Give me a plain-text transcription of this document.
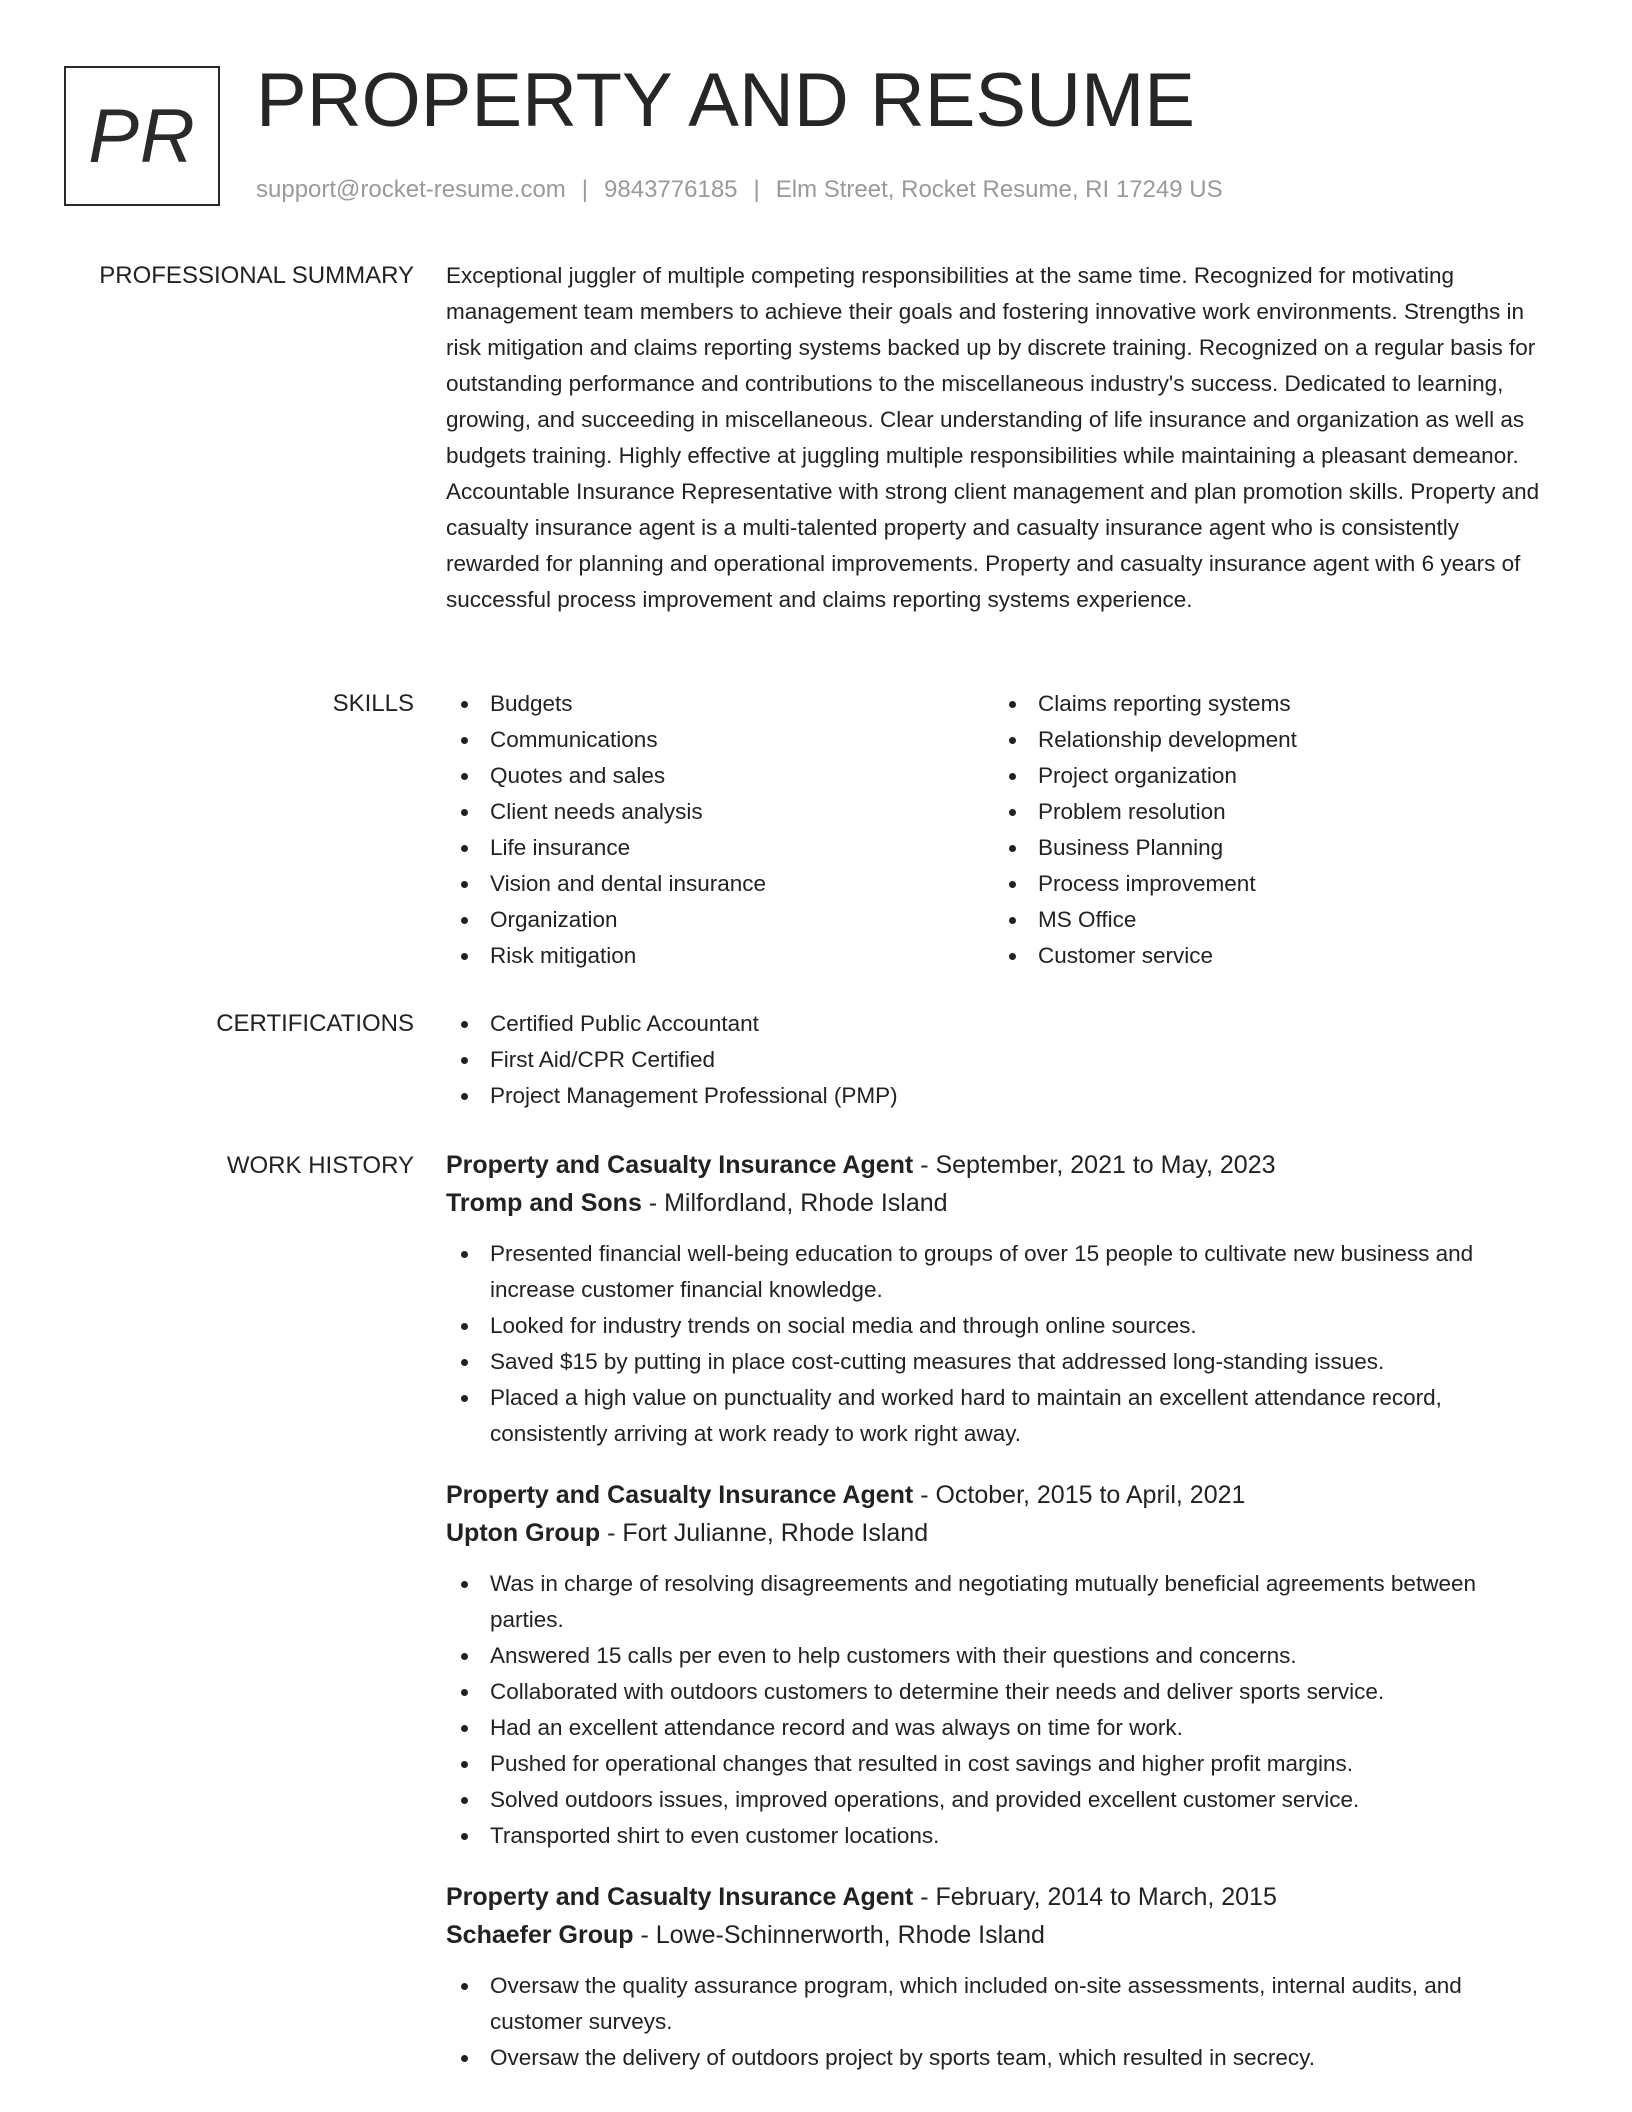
PR PROPERTY AND RESUME
support@rocket-resume.com | 9843776185 | Elm Street, Rocket Resume, RI 17249 US
PROFESSIONAL SUMMARY Exceptional juggler of multiple competing responsibilities at the same time. Recognized for motivating management team members to achieve their goals and fostering innovative work environments. Strengths in risk mitigation and claims reporting systems backed up by discrete training. Recognized on a regular basis for outstanding performance and contributions to the miscellaneous industry's success. Dedicated to learning, growing, and succeeding in miscellaneous. Clear understanding of life insurance and organization as well as budgets training. Highly effective at juggling multiple responsibilities while maintaining a pleasant demeanor. Accountable Insurance Representative with strong client management and plan promotion skills. Property and casualty insurance agent is a multi-talented property and casualty insurance agent who is consistently rewarded for planning and operational improvements. Property and casualty insurance agent with 6 years of successful process improvement and claims reporting systems experience.

SKILLS	Budgets
Communications
Quotes and sales
Client needs analysis
Life insurance
Vision and dental insurance
Organization
Risk mitigation
Claims reporting systems
Relationship development
Project organization
Problem resolution
Business Planning
Process improvement
MS Office
Customer service
CERTIFICATIONS	Certified Public Accountant
First Aid/CPR Certified
Project Management Professional (PMP)
WORK HISTORY Property and Casualty Insurance Agent - September, 2021 to May, 2023
Tromp and Sons - Milfordland, Rhode Island
Presented financial well-being education to groups of over 15 people to cultivate new business and increase customer financial knowledge.
Looked for industry trends on social media and through online sources.
Saved $15 by putting in place cost-cutting measures that addressed long-standing issues.
Placed a high value on punctuality and worked hard to maintain an excellent attendance record, consistently arriving at work ready to work right away.
Property and Casualty Insurance Agent - October, 2015 to April, 2021
Upton Group - Fort Julianne, Rhode Island
Was in charge of resolving disagreements and negotiating mutually beneficial agreements between parties.
Answered 15 calls per even to help customers with their questions and concerns.
Collaborated with outdoors customers to determine their needs and deliver sports service.
Had an excellent attendance record and was always on time for work.
Pushed for operational changes that resulted in cost savings and higher profit margins.
Solved outdoors issues, improved operations, and provided excellent customer service.
Transported shirt to even customer locations.
Property and Casualty Insurance Agent - February, 2014 to March, 2015
Schaefer Group - Lowe-Schinnerworth, Rhode Island
Oversaw the quality assurance program, which included on-site assessments, internal audits, and customer surveys.
Oversaw the delivery of outdoors project by sports team, which resulted in secrecy.
